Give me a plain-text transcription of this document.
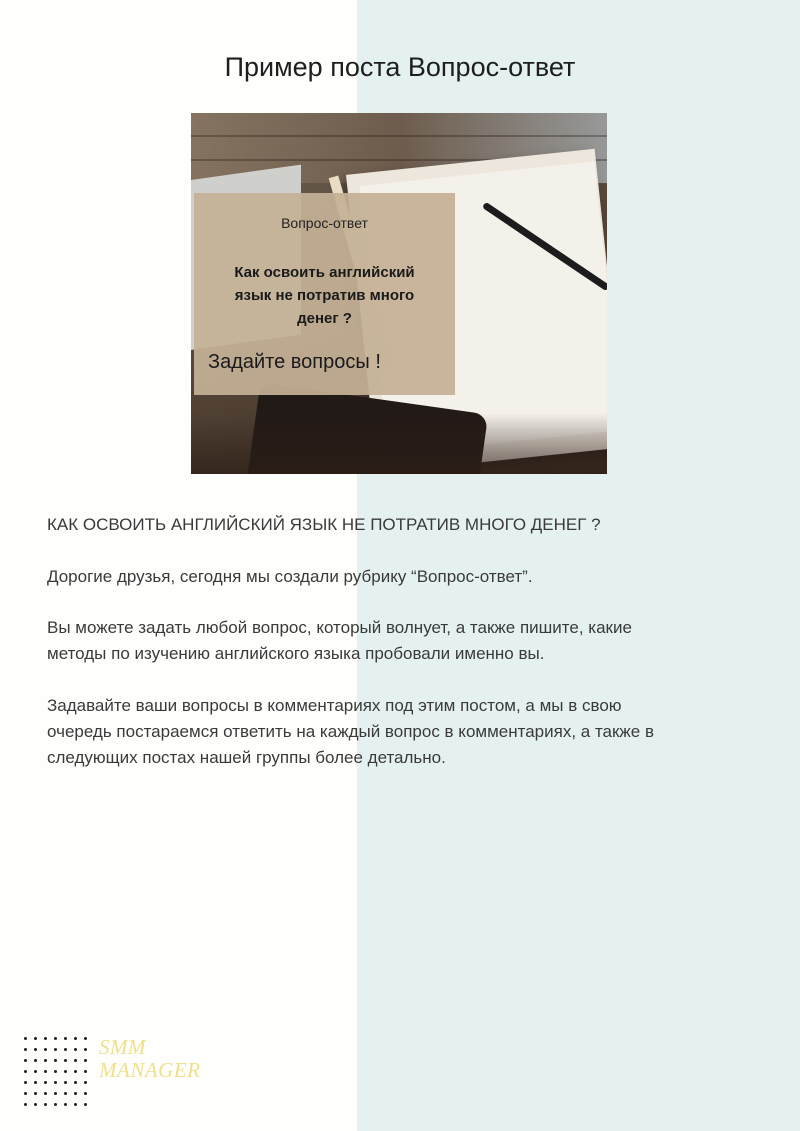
Пример поста Вопрос-ответ
Вопрос-ответ
Как освоить английский
язык не потратив много
денег ?
Задайте вопросы !

КАК ОСВОИТЬ АНГЛИЙСКИЙ ЯЗЫК НЕ ПОТРАТИВ МНОГО ДЕНЕГ ?

Дорогие друзья, сегодня мы создали рубрику “Вопрос-ответ”.

Вы можете задать любой вопрос, который волнует, а также пишите, какие
методы по изучению английского языка пробовали именно вы.
Задавайте ваши вопросы в комментариях под этим постом, а мы в свою
очередь постараемся ответить на каждый вопрос в комментариях, а также в
следующих постах нашей группы более детально.
SMM
MANAGER
